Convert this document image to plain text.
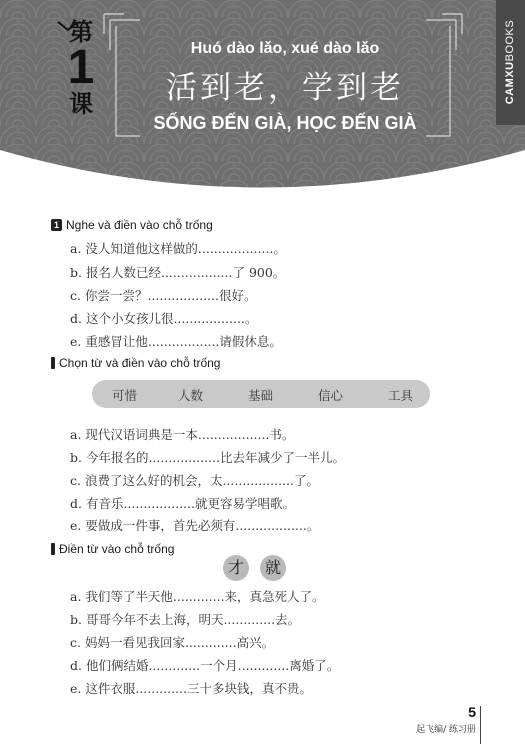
第
1
课
Huó dào lǎo, xué dào lǎo
活到老，学到老
SỐNG ĐẾN GIÀ, HỌC ĐẾN GIÀ
CAMXUBOOKS
1 Nghe và điền vào chỗ trống
a. 没人知道他这样做的...................。
b. 报名人数已经..................了 900。
c. 你尝一尝？..................很好。
d. 这个小女孩儿很..................。
e. 重感冒让他..................请假休息。
Chọn từ và điền vào chỗ trống
可惜	人数	基础	信心	工具
a. 现代汉语词典是一本..................书。
b. 今年报名的..................比去年减少了一半儿。
c. 浪费了这么好的机会，太..................了。
d. 有音乐..................就更容易学唱歌。
e. 要做成一件事，首先必须有..................。
Điền từ vào chỗ trống
才	就
a. 我们等了半天他.............来，真急死人了。
b. 哥哥今年不去上海，明天.............去。
c. 妈妈一看见我回家.............高兴。
d. 他们俩结婚.............一个月.............离婚了。
e. 这件衣服.............三十多块钱，真不贵。
5
起飞编/ 练习册
